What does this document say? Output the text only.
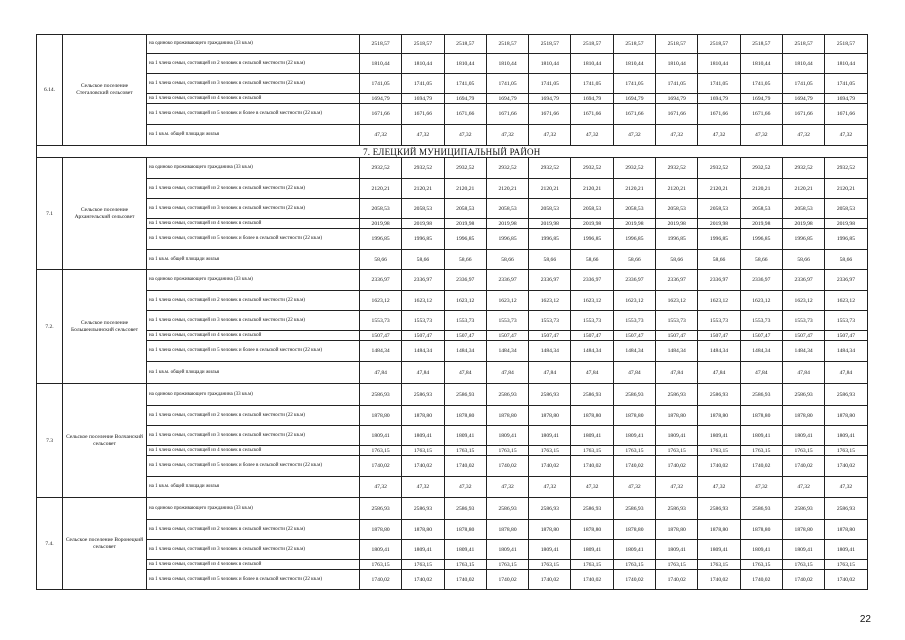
6.14.	Сельское поселение Стегаловский сельсовет	на одиноко проживающего гражданина (33 кв.м)	2518,57	2518,57	2518,57	2518,57	2518,57	2518,57	2518,57	2518,57	2518,57	2518,57	2518,57	2518,57
		на 1 члена семьи, состоящей из 2 человек в сельской местности (22 кв.м)	1810,44	1810,44	1810,44	1810,44	1810,44	1810,44	1810,44	1810,44	1810,44	1810,44	1810,44	1810,44
		на 1 члена семьи, состоящей из 3 человек в сельской местности (22 кв.м)	1741,05	1741,05	1741,05	1741,05	1741,05	1741,05	1741,05	1741,05	1741,05	1741,05	1741,05	1741,05
		на 1 члена семьи, состоящей из 4 человек в сельской	1694,79	1694,79	1694,79	1694,79	1694,79	1694,79	1694,79	1694,79	1694,79	1694,79	1694,79	1694,79
		на 1 члена семьи, состоящей из 5 человек и более в сельской местности (22 кв.м)	1671,66	1671,66	1671,66	1671,66	1671,66	1671,66	1671,66	1671,66	1671,66	1671,66	1671,66	1671,66
		на 1 кв.м. общей площади жилья	47,32	47,32	47,32	47,32	47,32	47,32	47,32	47,32	47,32	47,32	47,32	47,32
7. ЕЛЕЦКИЙ МУНИЦИПАЛЬНЫЙ РАЙОН														
7.1	Сельское поселение Архангельский сельсовет	на одиноко проживающего гражданина (33 кв.м)	2932,52	2932,52	2932,52	2932,52	2932,52	2932,52	2932,52	2932,52	2932,52	2932,52	2932,52	2932,52
		на 1 члена семьи, состоящей из 2 человек в сельской местности (22 кв.м)	2120,21	2120,21	2120,21	2120,21	2120,21	2120,21	2120,21	2120,21	2120,21	2120,21	2120,21	2120,21
		на 1 члена семьи, состоящей из 3 человек в сельской местности (22 кв.м)	2058,53	2058,53	2058,53	2058,53	2058,53	2058,53	2058,53	2058,53	2058,53	2058,53	2058,53	2058,53
		на 1 члена семьи, состоящей из 4 человек в сельской	2019,98	2019,98	2019,98	2019,98	2019,98	2019,98	2019,98	2019,98	2019,98	2019,98	2019,98	2019,98
		на 1 члена семьи, состоящей из 5 человек и более в сельской местности (22 кв.м)	1996,85	1996,85	1996,85	1996,85	1996,85	1996,85	1996,85	1996,85	1996,85	1996,85	1996,85	1996,85
		на 1 кв.м. общей площади жилья	58,66	58,66	58,66	58,66	58,66	58,66	58,66	58,66	58,66	58,66	58,66	58,66
7.2.	Сельское поселение Большеильинский сельсовет	на одиноко проживающего гражданина (33 кв.м)	2336,97	2336,97	2336,97	2336,97	2336,97	2336,97	2336,97	2336,97	2336,97	2336,97	2336,97	2336,97
		на 1 члена семьи, состоящей из 2 человек в сельской местности (22 кв.м)	1623,12	1623,12	1623,12	1623,12	1623,12	1623,12	1623,12	1623,12	1623,12	1623,12	1623,12	1623,12
		на 1 члена семьи, состоящей из 3 человек в сельской местности (22 кв.м)	1553,73	1553,73	1553,73	1553,73	1553,73	1553,73	1553,73	1553,73	1553,73	1553,73	1553,73	1553,73
		на 1 члена семьи, состоящей из 4 человек в сельской	1507,47	1507,47	1507,47	1507,47	1507,47	1507,47	1507,47	1507,47	1507,47	1507,47	1507,47	1507,47
		на 1 члена семьи, состоящей из 5 человек и более в сельской местности (22 кв.м)	1484,34	1484,34	1484,34	1484,34	1484,34	1484,34	1484,34	1484,34	1484,34	1484,34	1484,34	1484,34
		на 1 кв.м. общей площади жилья	47,84	47,84	47,84	47,84	47,84	47,84	47,84	47,84	47,84	47,84	47,84	47,84
7.3	Сельское поселение Волчанский сельсовет	на одиноко проживающего гражданина (33 кв.м)	2586,93	2586,93	2586,93	2586,93	2586,93	2586,93	2586,93	2586,93	2586,93	2586,93	2586,93	2586,93
		на 1 члена семьи, состоящей из 2 человек в сельской местности (22 кв.м)	1878,80	1878,80	1878,80	1878,80	1878,80	1878,80	1878,80	1878,80	1878,80	1878,80	1878,80	1878,80
		на 1 члена семьи, состоящей из 3 человек в сельской местности (22 кв.м)	1809,41	1809,41	1809,41	1809,41	1809,41	1809,41	1809,41	1809,41	1809,41	1809,41	1809,41	1809,41
		на 1 члена семьи, состоящей из 4 человек в сельской	1763,15	1763,15	1763,15	1763,15	1763,15	1763,15	1763,15	1763,15	1763,15	1763,15	1763,15	1763,15
		на 1 члена семьи, состоящей из 5 человек и более в сельской местности (22 кв.м)	1740,02	1740,02	1740,02	1740,02	1740,02	1740,02	1740,02	1740,02	1740,02	1740,02	1740,02	1740,02
		на 1 кв.м. общей площади жилья	47,32	47,32	47,32	47,32	47,32	47,32	47,32	47,32	47,32	47,32	47,32	47,32
7.4.	Сельское поселение Воронецкий сельсовет	на одиноко проживающего гражданина (33 кв.м)	2586,93	2586,93	2586,93	2586,93	2586,93	2586,93	2586,93	2586,93	2586,93	2586,93	2586,93	2586,93
		на 1 члена семьи, состоящей из 2 человек в сельской местности (22 кв.м)	1878,80	1878,80	1878,80	1878,80	1878,80	1878,80	1878,80	1878,80	1878,80	1878,80	1878,80	1878,80
		на 1 члена семьи, состоящей из 3 человек в сельской местности (22 кв.м)	1809,41	1809,41	1809,41	1809,41	1809,41	1809,41	1809,41	1809,41	1809,41	1809,41	1809,41	1809,41
		на 1 члена семьи, состоящей из 4 человек в сельской	1763,15	1763,15	1763,15	1763,15	1763,15	1763,15	1763,15	1763,15	1763,15	1763,15	1763,15	1763,15
		на 1 члена семьи, состоящей из 5 человек и более в сельской местности (22 кв.м)	1740,02	1740,02	1740,02	1740,02	1740,02	1740,02	1740,02	1740,02	1740,02	1740,02	1740,02	1740,02
22
